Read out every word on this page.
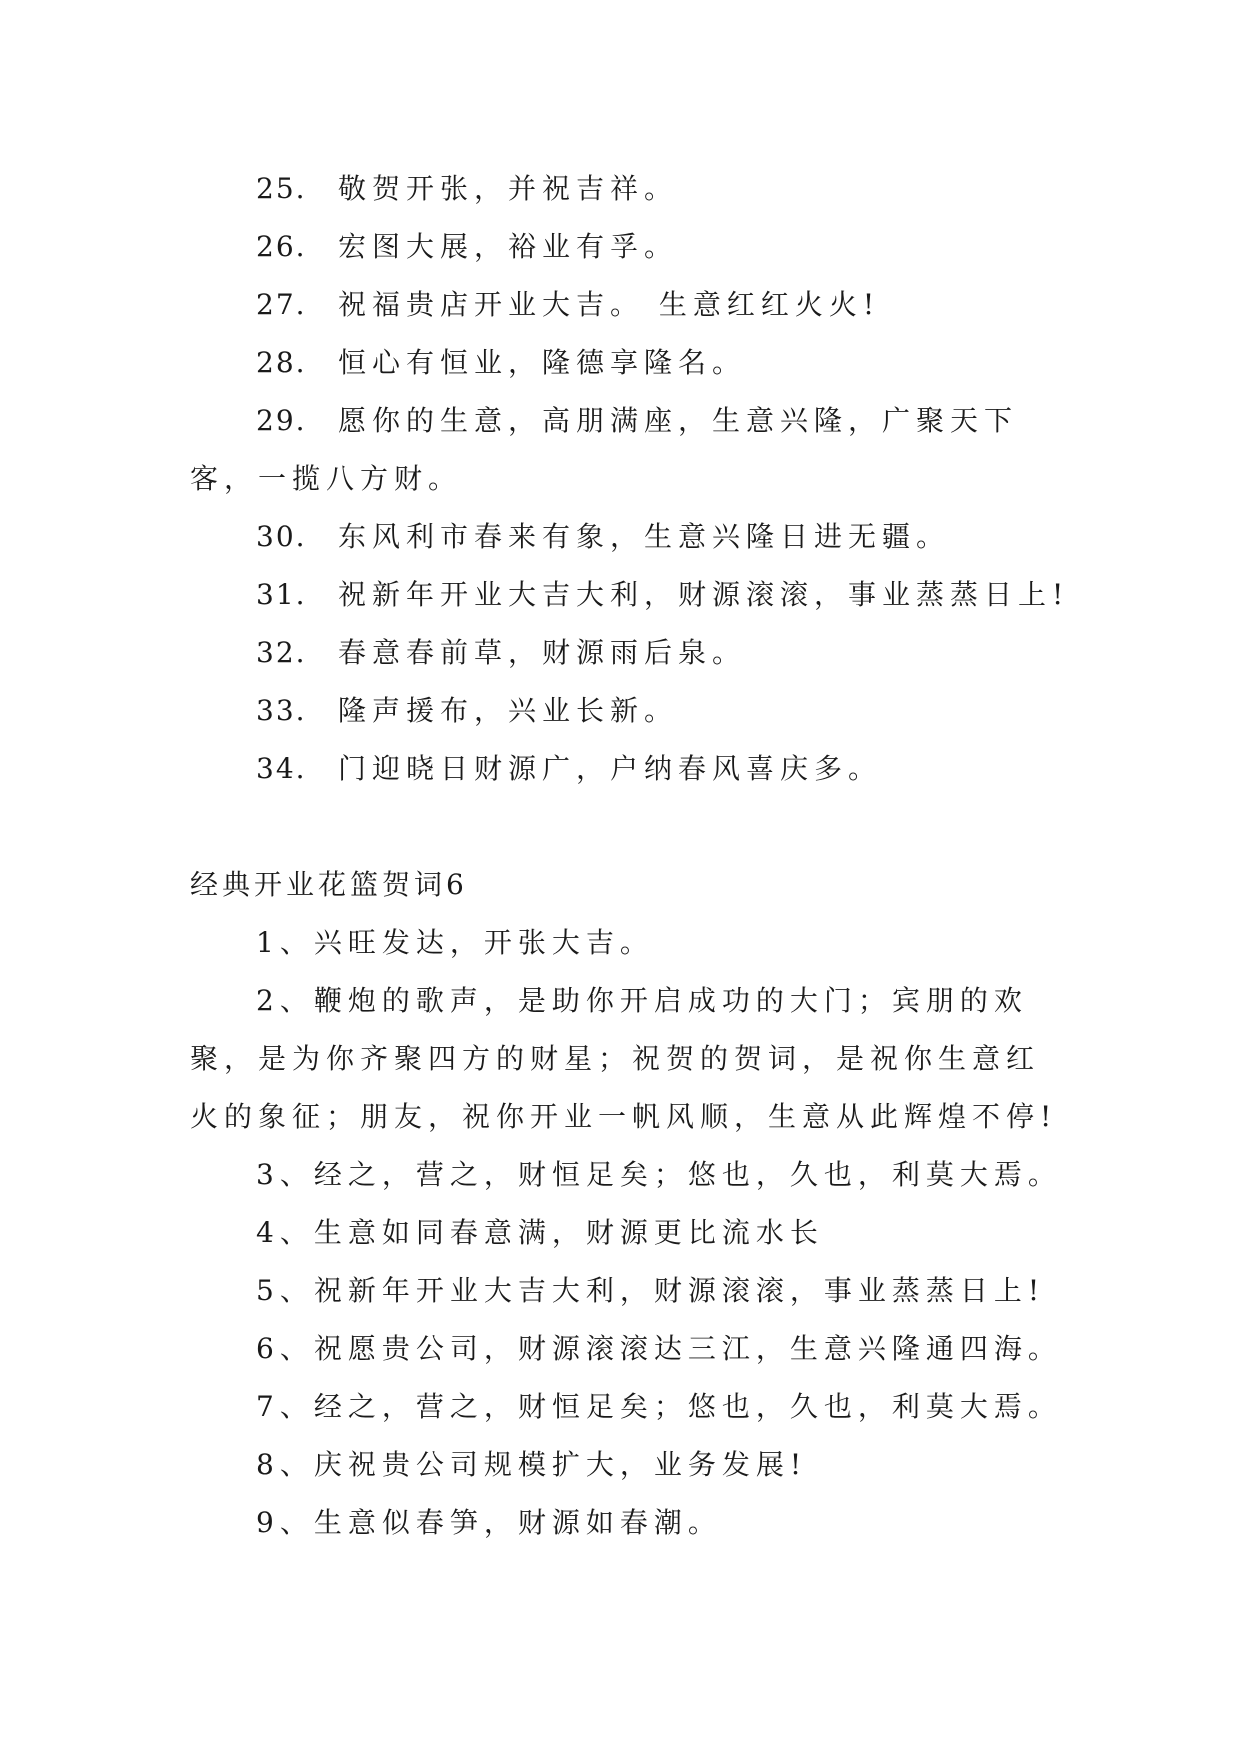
25. 敬贺开张，并祝吉祥。

26. 宏图大展，裕业有孚。

27. 祝福贵店开业大吉。 生意红红火火!

28. 恒心有恒业，隆德享隆名。

29. 愿你的生意，高朋满座，生意兴隆，广聚天下客，一揽八方财。

30. 东风利市春来有象，生意兴隆日进无疆。

31. 祝新年开业大吉大利，财源滚滚，事业蒸蒸日上!

32. 春意春前草，财源雨后泉。

33. 隆声援布，兴业长新。

34. 门迎晓日财源广，户纳春风喜庆多。

经典开业花篮贺词6

1、兴旺发达，开张大吉。

2、鞭炮的歌声，是助你开启成功的大门；宾朋的欢聚，是为你齐聚四方的财星；祝贺的贺词，是祝你生意红火的象征；朋友，祝你开业一帆风顺，生意从此辉煌不停!

3、经之，营之，财恒足矣；悠也，久也，利莫大焉。

4、生意如同春意满，财源更比流水长

5、祝新年开业大吉大利，财源滚滚，事业蒸蒸日上!

6、祝愿贵公司，财源滚滚达三江，生意兴隆通四海。

7、经之，营之，财恒足矣；悠也，久也，利莫大焉。

8、庆祝贵公司规模扩大，业务发展!

9、生意似春笋，财源如春潮。
